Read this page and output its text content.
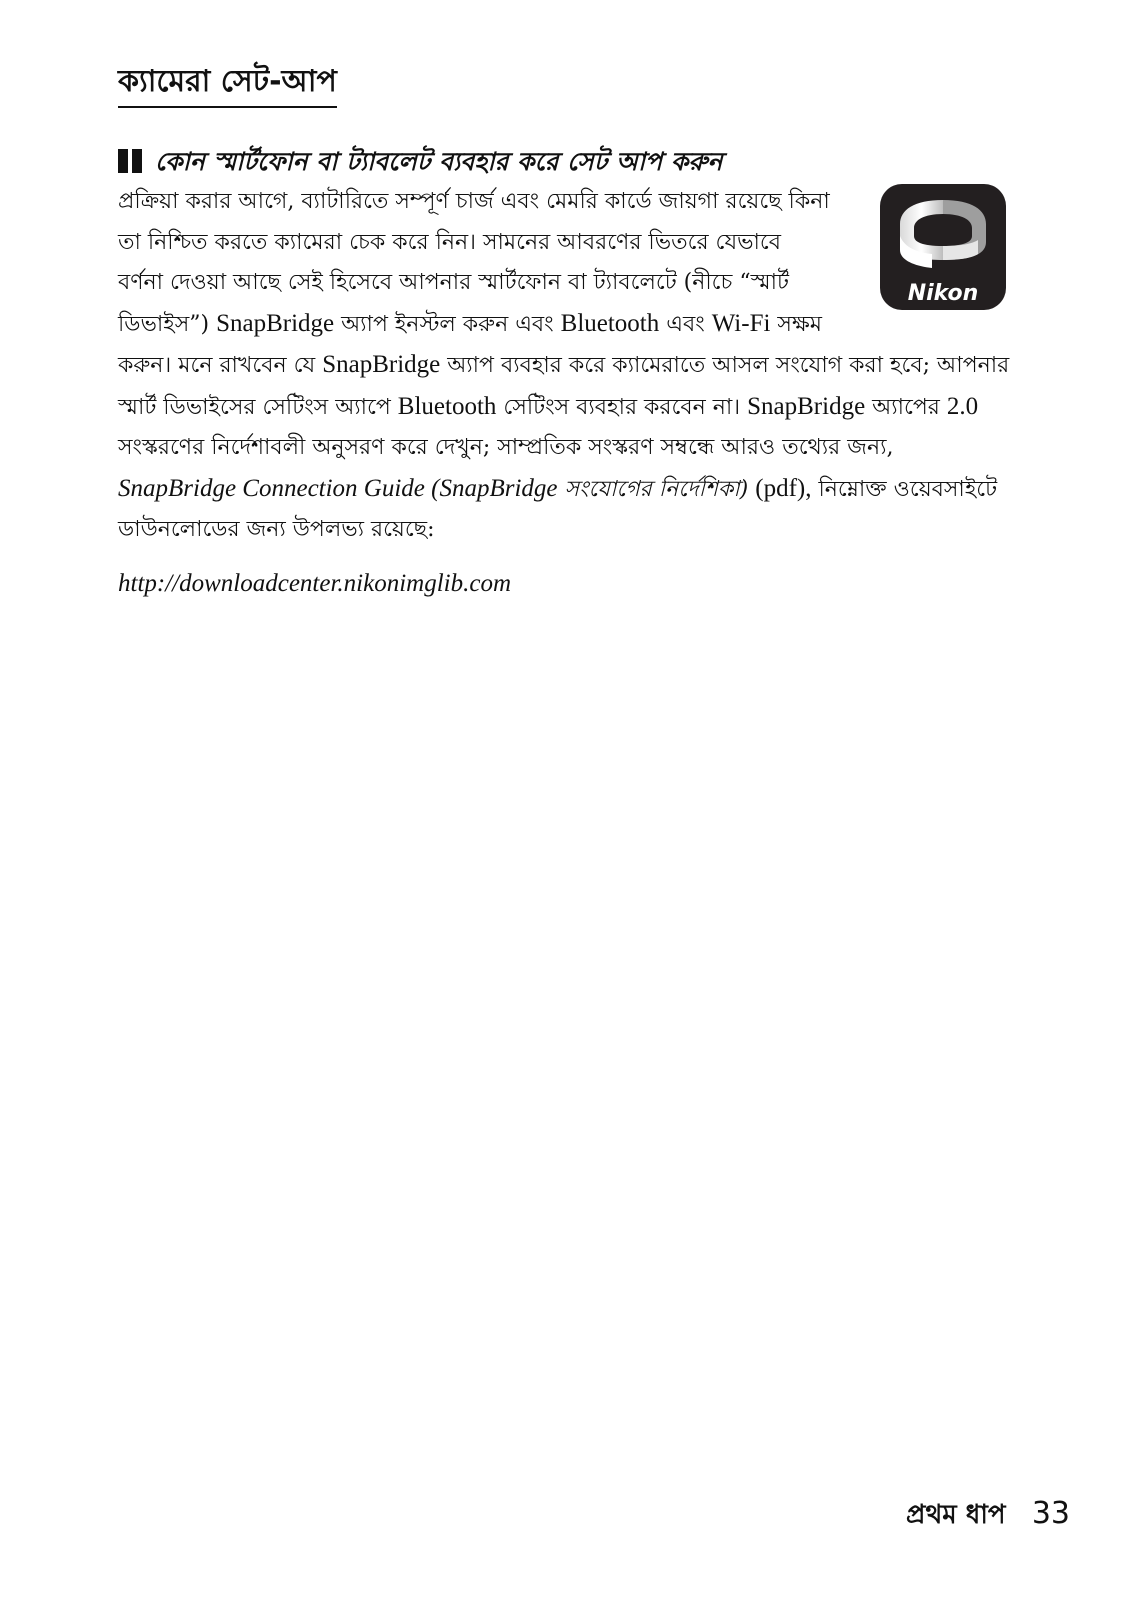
ক্যামেরা সেট-আপ
কোন স্মার্টফোন বা ট্যাবলেট ব্যবহার করে সেট আপ করুন
Nikon

প্রক্রিয়া করার আগে, ব্যাটারিতে সম্পূর্ণ চার্জ এবং মেমরি কার্ডে জায়গা রয়েছে কিনা তা নিশ্চিত করতে ক্যামেরা চেক করে নিন। সামনের আবরণের ভিতরে যেভাবে বর্ণনা দেওয়া আছে সেই হিসেবে আপনার স্মার্টফোন বা ট্যাবলেটে (নীচে “স্মার্ট ডিভাইস”) SnapBridge অ্যাপ ইনস্টল করুন এবং Bluetooth এবং Wi-Fi সক্ষম করুন। মনে রাখবেন যে SnapBridge অ্যাপ ব্যবহার করে ক্যামেরাতে আসল সংযোগ করা হবে; আপনার স্মার্ট ডিভাইসের সেটিংস অ্যাপে Bluetooth সেটিংস ব্যবহার করবেন না। SnapBridge অ্যাপের 2.0 সংস্করণের নির্দেশাবলী অনুসরণ করে দেখুন; সাম্প্রতিক সংস্করণ সম্বন্ধে আরও তথ্যের জন্য, SnapBridge Connection Guide (SnapBridge সংযোগের নির্দেশিকা) (pdf), নিম্নোক্ত ওয়েবসাইটে ডাউনলোডের জন্য উপলভ্য রয়েছে:

http://downloadcenter.nikonimglib.com

প্রথম ধাপ 33
